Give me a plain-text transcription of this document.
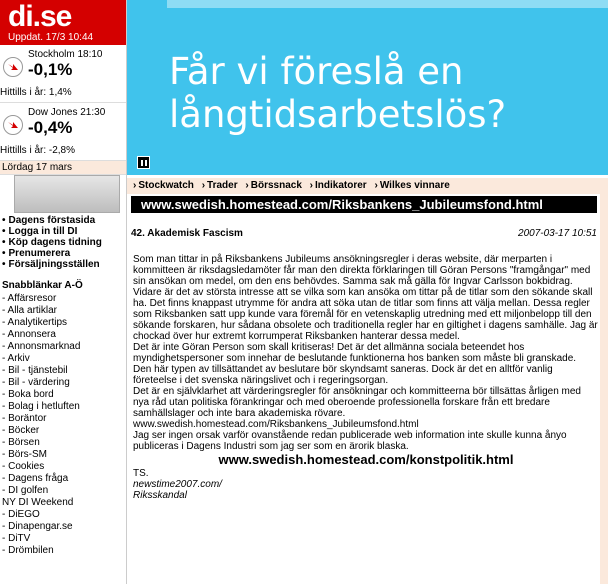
di.se
Uppdat. 17/3 10:44
Stockholm 18:10
-0,1%
Hittills i år: 1,4%
Dow Jones 21:30
-0,4%
Hittills i år: -2,8%
Lördag 17 mars
• Dagens förstasida
• Logga in till DI
• Köp dagens tidning
• Prenumerera
• Försäljningsställen
Snabblänkar A-Ö
- Affärsresor
- Alla artiklar
- Analytikertips
- Annonsera
- Annonsmarknad
- Arkiv
- Bil - tjänstebil
- Bil - värdering
- Boka bord
- Bolag i hetluften
- Boräntor
- Böcker
- Börsen
- Börs-SM
- Cookies
- Dagens fråga
- DI golfen
NY DI Weekend
- DiEGO
- Dinapengar.se
- DiTV
- Drömbilen
Får vi föreslå en
långtidsarbetslös?
› Stockwatch › Trader › Börssnack › Indikatorer › Wilkes vinnare
www.swedish.homestead.com/Riksbankens_Jubileumsfond.html
42. Akademisk Fascism	2007-03-17 10:51

Som man tittar in på Riksbankens Jubileums ansökningsregler i deras website, där merparten i kommitteen är riksdagsledamöter får man den direkta förklaringen till Göran Persons "framgångar" med sin ansökan om medel, om den ens behövdes. Samma sak må gälla för Ingvar Carlsson bokbidrag. Vidare är det av största intresse att se vilka som kan ansöka om tittar på de titlar som den sökande skall ha. Det finns knappast utrymme för andra att söka utan de titlar som finns att välja mellan. Dessa regler som Riksbanken satt upp kunde vara föremål för en vetenskaplig utredning med ett miljonbelopp till den sökande forskaren, hur sådana obsolete och traditionella regler har en giltighet i dagens samhälle. Jag är chockad över hur extremt korrumperat Riksbanken hanterar dessa medel.

Det är inte Göran Person som skall kritiseras! Det är det allmänna sociala beteendet hos myndighetspersoner som innehar de beslutande funktionerna hos banken som måste bli granskade.

Den här typen av tillsättandet av beslutare bör skyndsamt saneras. Dock är det en alltför vanlig företeelse i det svenska näringslivet och i regeringsorgan.

Det är en självklarhet att värderingsregler för ansökningar och kommitteerna bör tillsättas årligen med nya råd utan politiska förankringar och med oberoende professionella forskare från ett bredare samhällslager och inte bara akademiska rövare.

www.swedish.homestead.com/Riksbankens_Jubileumsfond.html

Jag ser ingen orsak varför ovanstående redan publicerade web information inte skulle kunna ånyo publiceras i Dagens Industri som jag ser som en ärorik blaska.

www.swedish.homestead.com/konstpolitik.html

TS.

newstime2007.com/

Riksskandal
